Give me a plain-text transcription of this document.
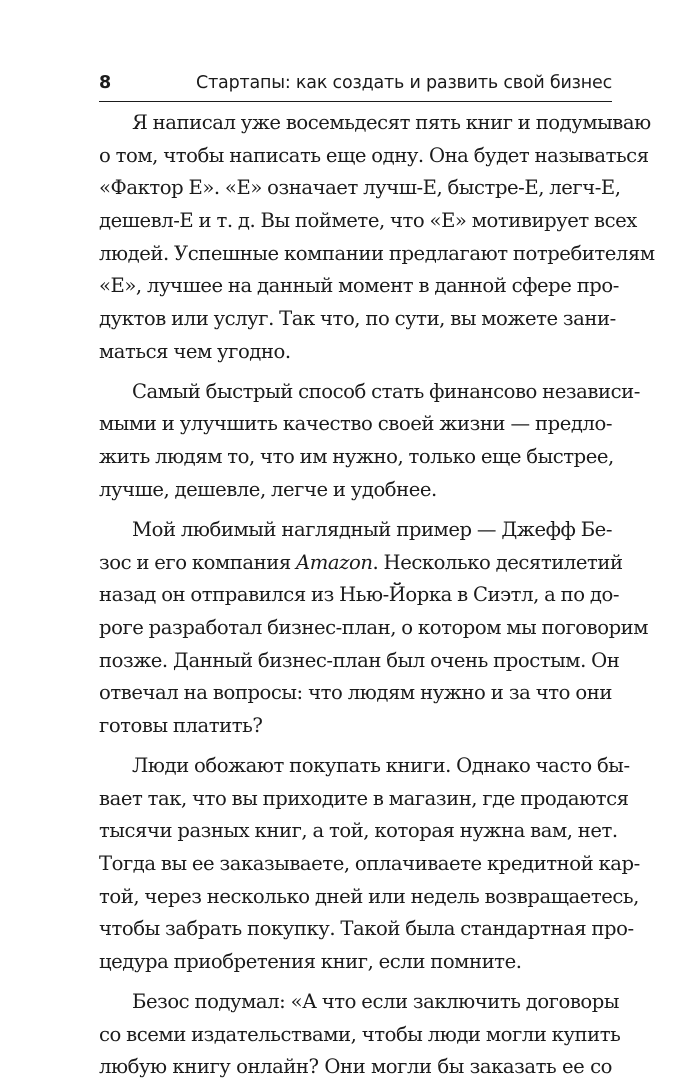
8	Стартапы: как создать и развить свой бизнес
Я написал уже восемьдесят пять книг и подумываю
о том, чтобы написать еще одну. Она будет называться
«Фактор Е». «Е» означает лучш-Е, быстре-Е, легч-Е,
дешевл-Е и т. д. Вы поймете, что «Е» мотивирует всех
людей. Успешные компании предлагают потребителям
«Е», лучшее на данный момент в данной сфере про-
дуктов или услуг. Так что, по сути, вы можете зани-
маться чем угодно.
Самый быстрый способ стать финансово независи-
мыми и улучшить качество своей жизни — предло-
жить людям то, что им нужно, только еще быстрее,
лучше, дешевле, легче и удобнее.
Мой любимый наглядный пример — Джефф Бе-
зос и его компания Amazon. Несколько десятилетий
назад он отправился из Нью-Йорка в Сиэтл, а по до-
роге разработал бизнес-план, о котором мы поговорим
позже. Данный бизнес-план был очень простым. Он
отвечал на вопросы: что людям нужно и за что они
готовы платить?
Люди обожают покупать книги. Однако часто бы-
вает так, что вы приходите в магазин, где продаются
тысячи разных книг, а той, которая нужна вам, нет.
Тогда вы ее заказываете, оплачиваете кредитной кар-
той, через несколько дней или недель возвращаетесь,
чтобы забрать покупку. Такой была стандартная про-
цедура приобретения книг, если помните.
Безос подумал: «А что если заключить договоры
со всеми издательствами, чтобы люди могли купить
любую книгу онлайн? Они могли бы заказать ее со
